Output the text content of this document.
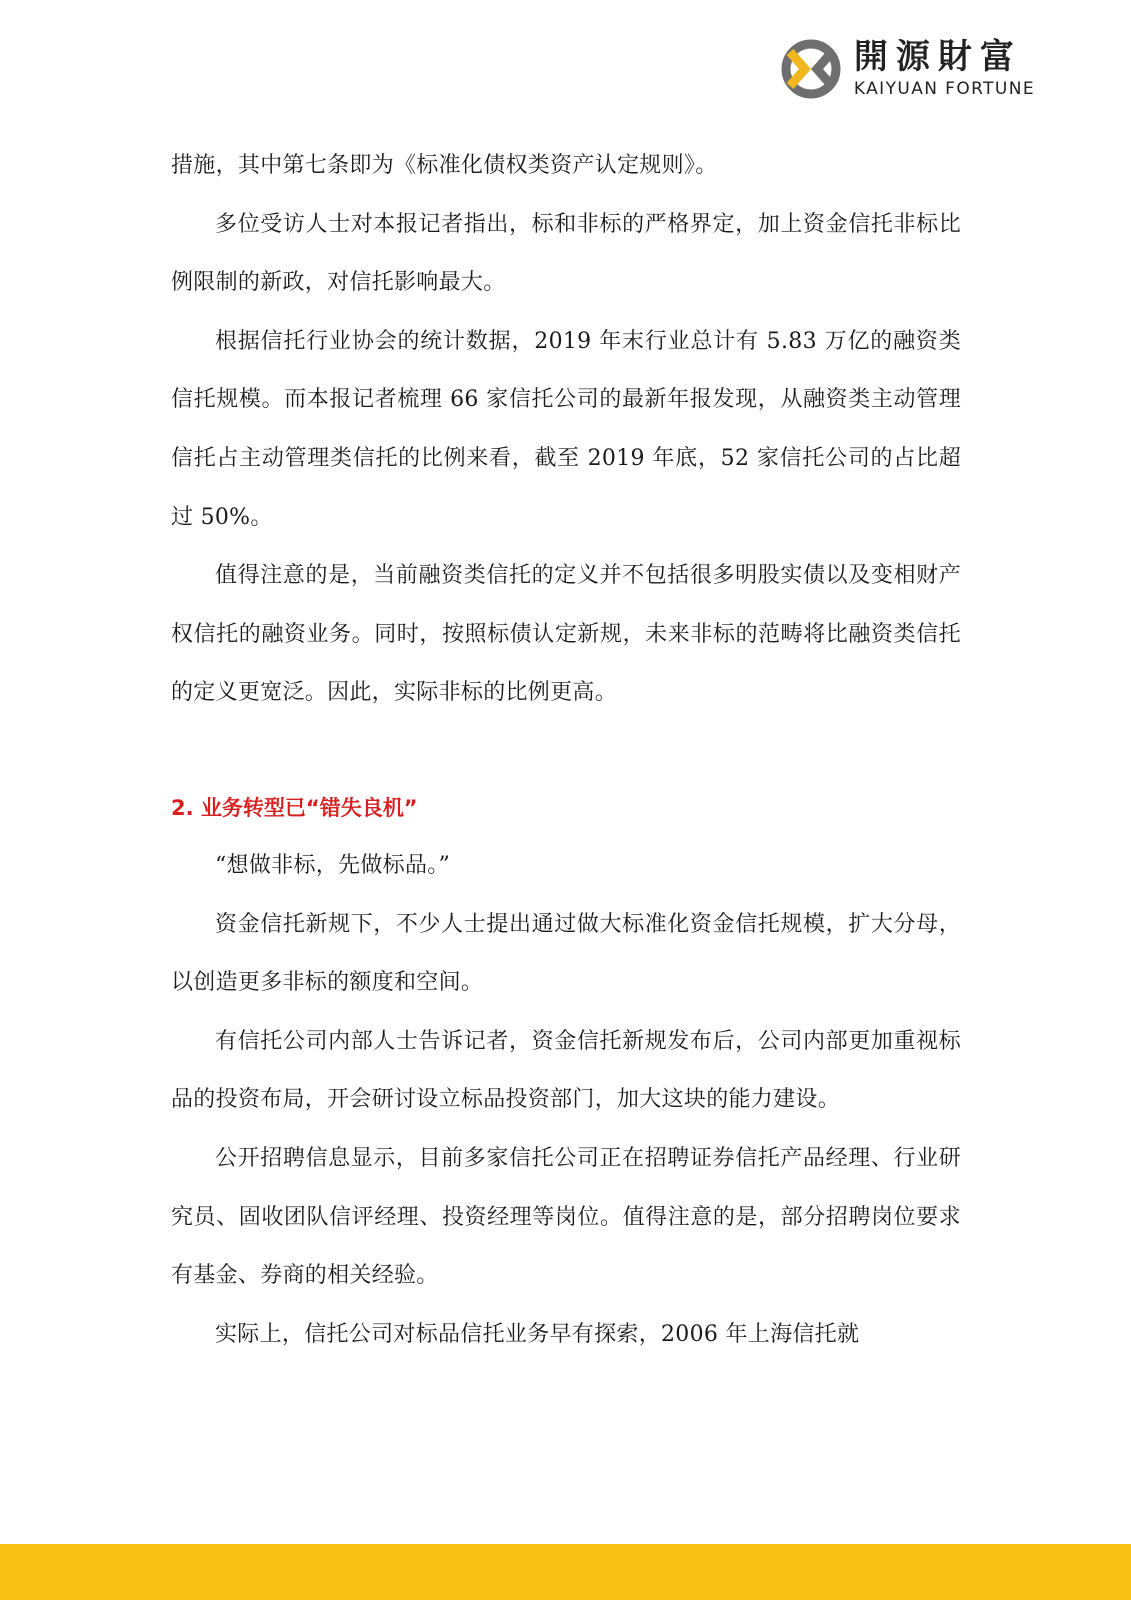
開源財富
KAIYUAN FORTUNE

措施，其中第七条即为《标准化债权类资产认定规则》。

多位受访人士对本报记者指出，标和非标的严格界定，加上资金信托非标比例限制的新政，对信托影响最大。

根据信托行业协会的统计数据，2019 年末行业总计有 5.83 万亿的融资类信托规模。而本报记者梳理 66 家信托公司的最新年报发现，从融资类主动管理信托占主动管理类信托的比例来看，截至 2019 年底，52 家信托公司的占比超过 50%。

值得注意的是，当前融资类信托的定义并不包括很多明股实债以及变相财产权信托的融资业务。同时，按照标债认定新规，未来非标的范畴将比融资类信托的定义更宽泛。因此，实际非标的比例更高。

2. 业务转型已“错失良机”

“想做非标，先做标品。”

资金信托新规下，不少人士提出通过做大标准化资金信托规模，扩大分母，以创造更多非标的额度和空间。

有信托公司内部人士告诉记者，资金信托新规发布后，公司内部更加重视标品的投资布局，开会研讨设立标品投资部门，加大这块的能力建设。

公开招聘信息显示，目前多家信托公司正在招聘证券信托产品经理、行业研究员、固收团队信评经理、投资经理等岗位。值得注意的是，部分招聘岗位要求有基金、券商的相关经验。

实际上，信托公司对标品信托业务早有探索，2006 年上海信托就
